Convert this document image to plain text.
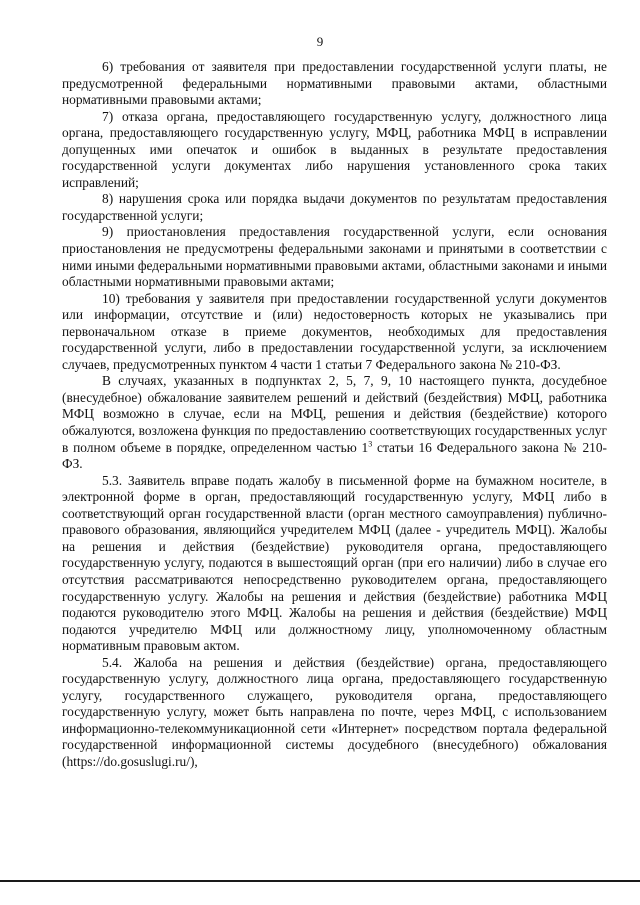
9

6) требования от заявителя при предоставлении государственной услуги платы, не предусмотренной федеральными нормативными правовыми актами, областными нормативными правовыми актами;

7) отказа органа, предоставляющего государственную услугу, должностного лица органа, предоставляющего государственную услугу, МФЦ, работника МФЦ в исправлении допущенных ими опечаток и ошибок в выданных в результате предоставления государственной услуги документах либо нарушения установленного срока таких исправлений;

8) нарушения срока или порядка выдачи документов по результатам предоставления государственной услуги;

9) приостановления предоставления государственной услуги, если основания приостановления не предусмотрены федеральными законами и принятыми в соответствии с ними иными федеральными нормативными правовыми актами, областными законами и иными областными нормативными правовыми актами;

10) требования у заявителя при предоставлении государственной услуги документов или информации, отсутствие и (или) недостоверность которых не указывались при первоначальном отказе в приеме документов, необходимых для предоставления государственной услуги, либо в предоставлении государственной услуги, за исключением случаев, предусмотренных пунктом 4 части 1 статьи 7 Федерального закона № 210-ФЗ.

В случаях, указанных в подпунктах 2, 5, 7, 9, 10 настоящего пункта, досудебное (внесудебное) обжалование заявителем решений и действий (бездействия) МФЦ, работника МФЦ возможно в случае, если на МФЦ, решения и действия (бездействие) которого обжалуются, возложена функция по предоставлению соответствующих государственных услуг в полном объеме в порядке, определенном частью $1^3$ статьи 16 Федерального закона № 210-ФЗ.

5.3. Заявитель вправе подать жалобу в письменной форме на бумажном носителе, в электронной форме в орган, предоставляющий государственную услугу, МФЦ либо в соответствующий орган государственной власти (орган местного самоуправления) публично-правового образования, являющийся учредителем МФЦ (далее - учредитель МФЦ). Жалобы на решения и действия (бездействие) руководителя органа, предоставляющего государственную услугу, подаются в вышестоящий орган (при его наличии) либо в случае его отсутствия рассматриваются непосредственно руководителем органа, предоставляющего государственную услугу. Жалобы на решения и действия (бездействие) работника МФЦ подаются руководителю этого МФЦ. Жалобы на решения и действия (бездействие) МФЦ подаются учредителю МФЦ или должностному лицу, уполномоченному областным нормативным правовым актом.

5.4. Жалоба на решения и действия (бездействие) органа, предоставляющего государственную услугу, должностного лица органа, предоставляющего государственную услугу, государственного служащего, руководителя органа, предоставляющего государственную услугу, может быть направлена по почте, через МФЦ, с использованием информационно-телекоммуникационной сети «Интернет» посредством портала федеральной государственной информационной системы досудебного (внесудебного) обжалования (https://do.gosuslugi.ru/),
